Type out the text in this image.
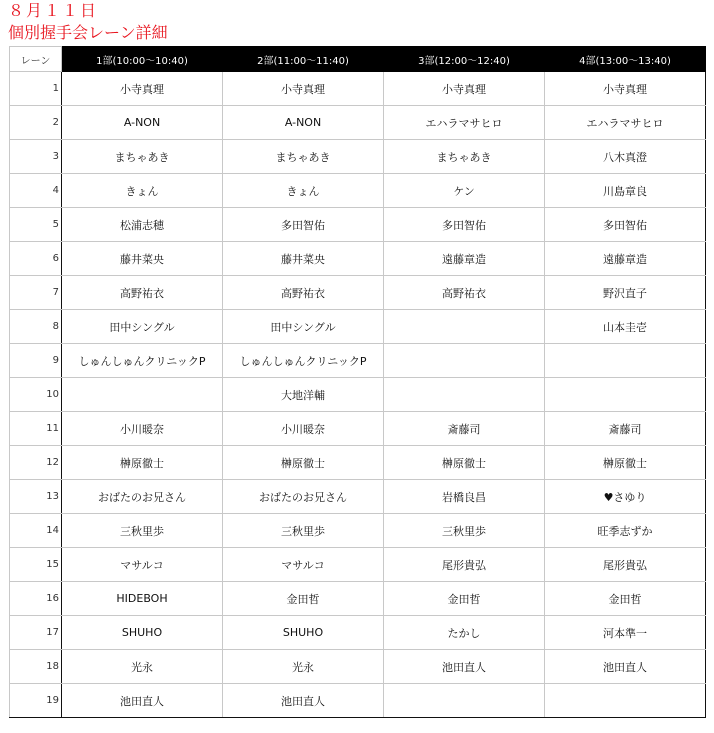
８月１１日
個別握手会レーン詳細
レーン	1部(10:00～10:40)	2部(11:00～11:40)	3部(12:00～12:40)	4部(13:00～13:40)
1	小寺真理	小寺真理	小寺真理	小寺真理
2	A-NON	A-NON	エハラマサヒロ	エハラマサヒロ
3	まちゃあき	まちゃあき	まちゃあき	八木真澄
4	きょん	きょん	ケン	川島章良
5	松浦志穂	多田智佑	多田智佑	多田智佑
6	藤井菜央	藤井菜央	遠藤章造	遠藤章造
7	高野祐衣	高野祐衣	高野祐衣	野沢直子
8	田中シングル	田中シングル		山本圭壱
9	しゅんしゅんクリニックP	しゅんしゅんクリニックP		
10		大地洋輔		
11	小川暖奈	小川暖奈	斎藤司	斎藤司
12	榊原徹士	榊原徹士	榊原徹士	榊原徹士
13	おばたのお兄さん	おばたのお兄さん	岩橋良昌	♥さゆり
14	三秋里歩	三秋里歩	三秋里歩	旺季志ずか
15	マサルコ	マサルコ	尾形貴弘	尾形貴弘
16	HIDEBOH	金田哲	金田哲	金田哲
17	SHUHO	SHUHO	たかし	河本準一
18	光永	光永	池田直人	池田直人
19	池田直人	池田直人		
